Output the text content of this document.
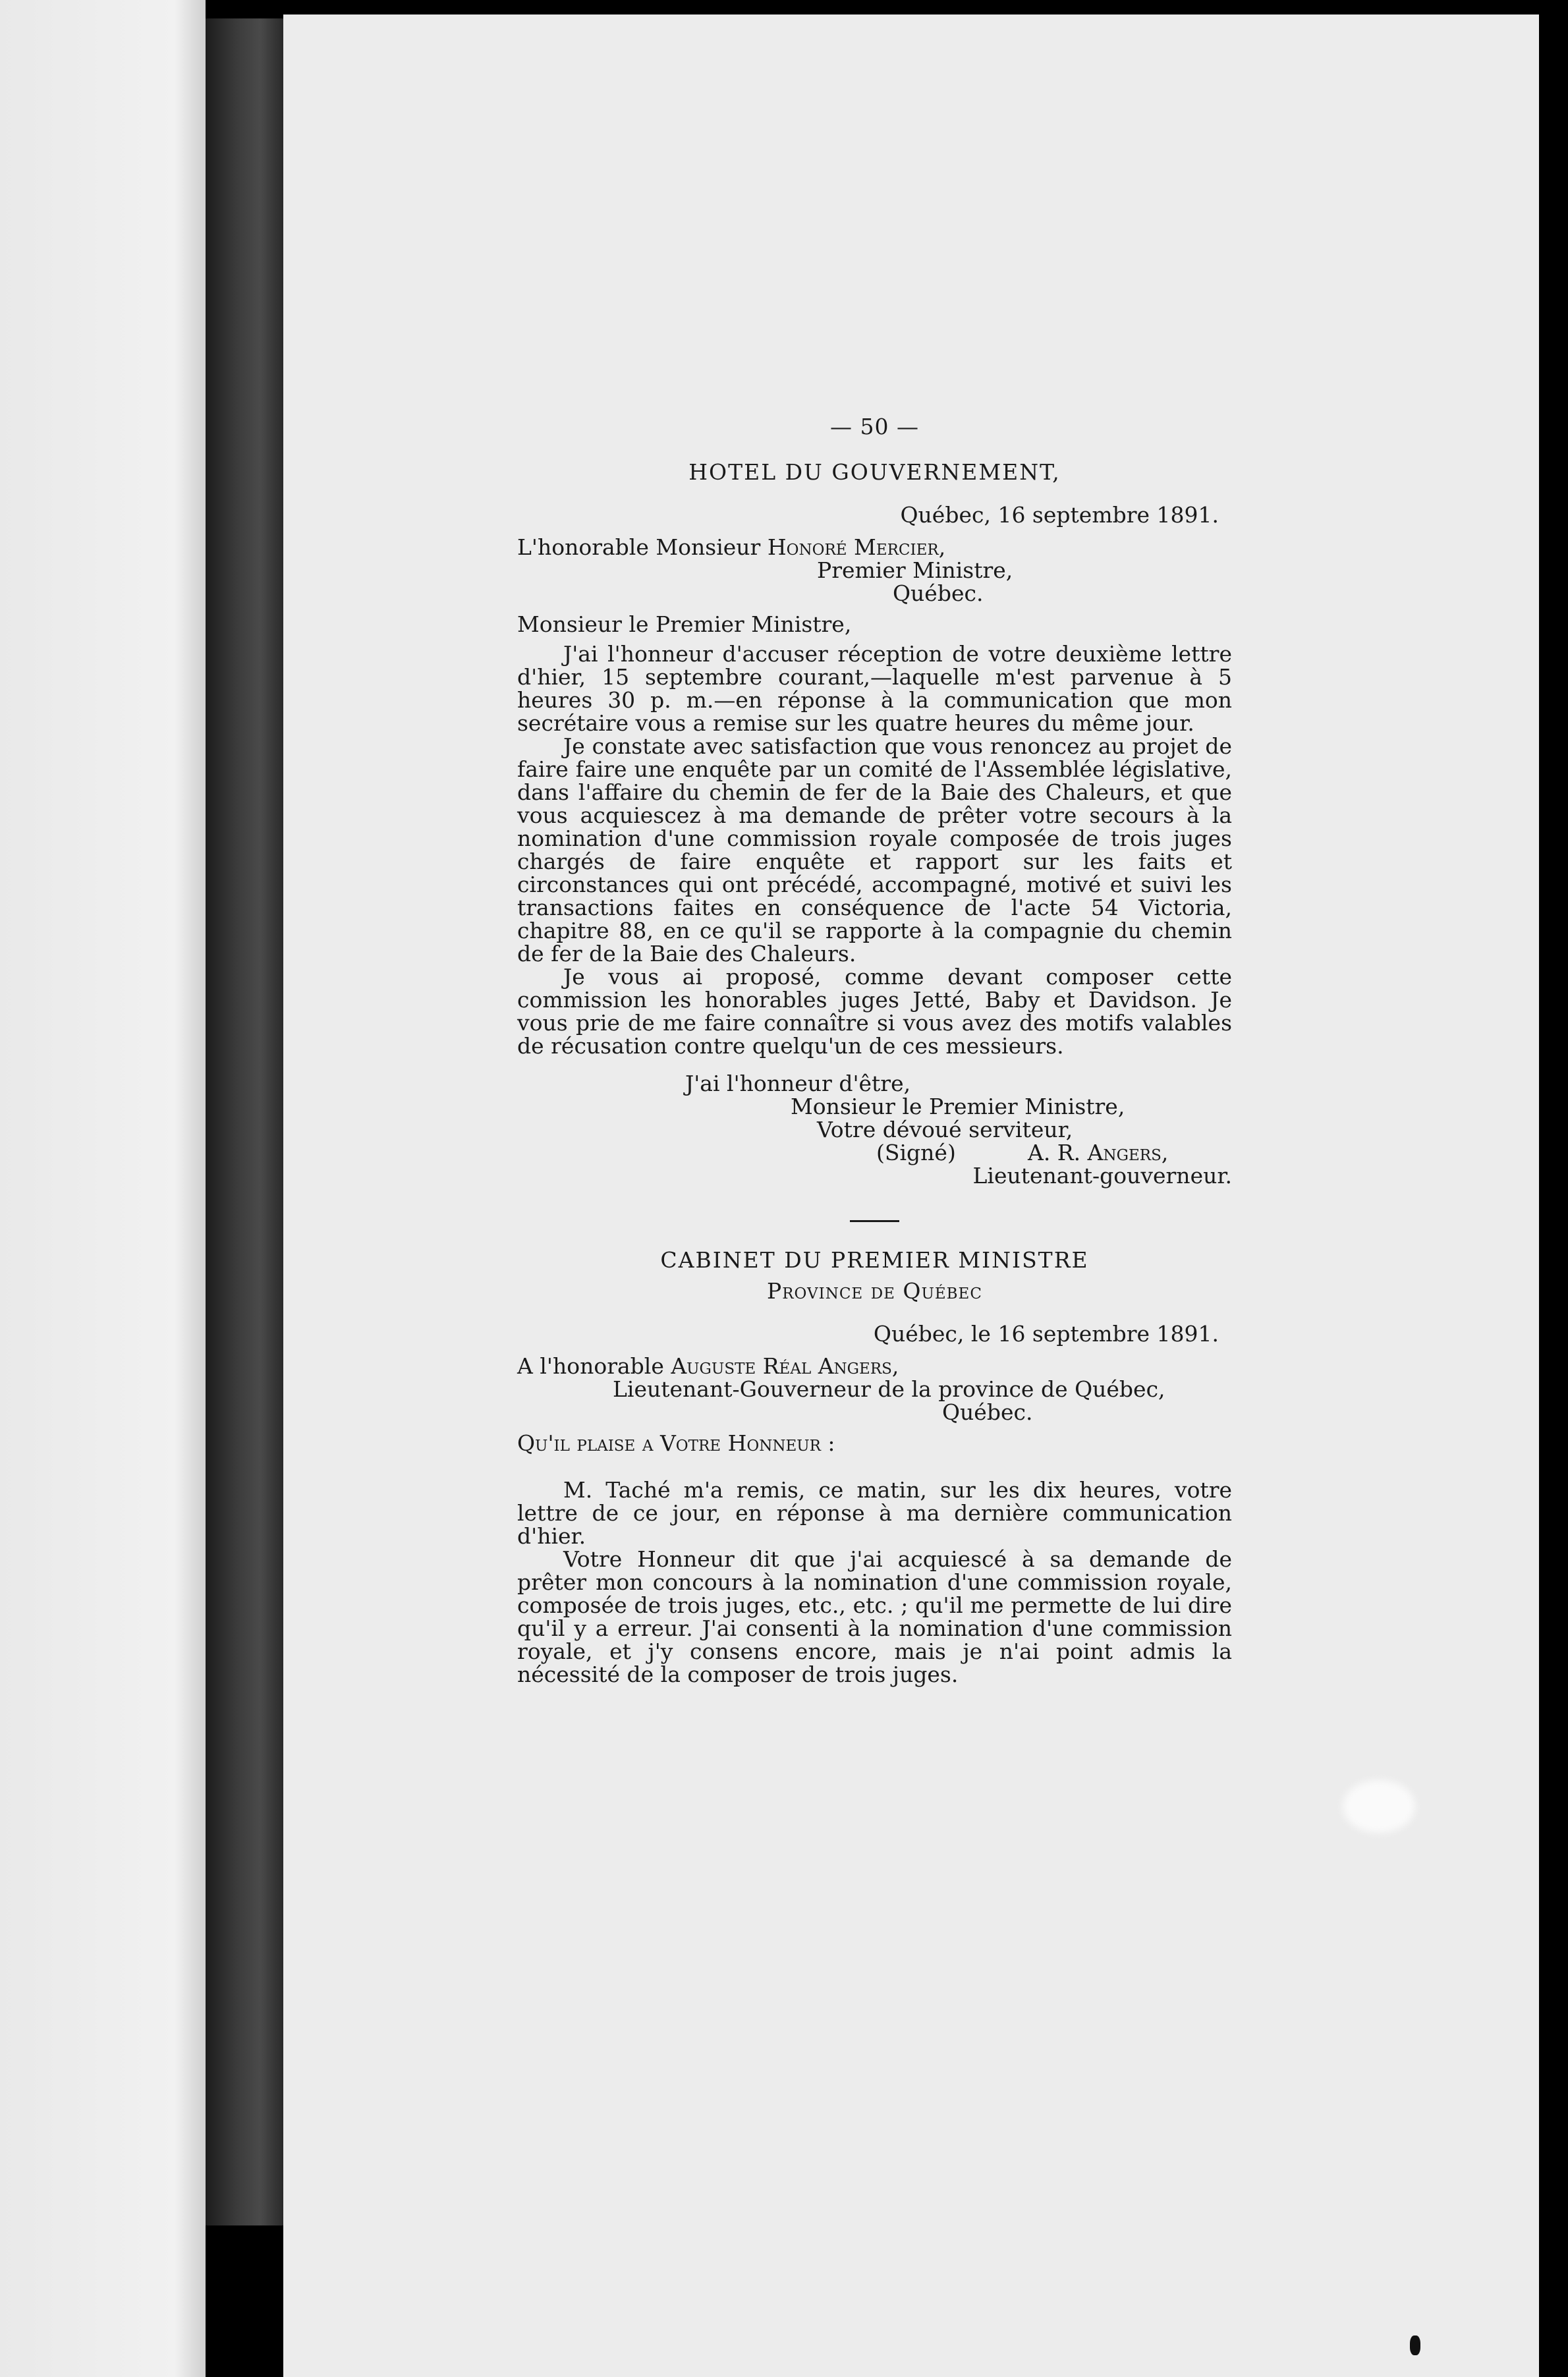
— 50 —

HOTEL DU GOUVERNEMENT,

Québec, 16 septembre 1891.

L'honorable Monsieur Honoré Mercier,

Premier Ministre,

Québec.

Monsieur le Premier Ministre,

J'ai l'honneur d'accuser réception de votre deuxième lettre d'hier, 15 septembre courant,—laquelle m'est parvenue à 5 heures 30 p. m.—en réponse à la communication que mon secrétaire vous a remise sur les quatre heures du même jour.

Je constate avec satisfaction que vous renoncez au projet de faire faire une enquête par un comité de l'Assemblée législative, dans l'affaire du chemin de fer de la Baie des Chaleurs, et que vous acquiescez à ma demande de prêter votre secours à la nomination d'une commission royale composée de trois juges chargés de faire enquête et rapport sur les faits et circonstances qui ont précédé, accompagné, motivé et suivi les transactions faites en conséquence de l'acte 54 Victoria, chapitre 88, en ce qu'il se rapporte à la compagnie du chemin de fer de la Baie des Chaleurs.

Je vous ai proposé, comme devant composer cette commission les honorables juges Jetté, Baby et Davidson. Je vous prie de me faire connaître si vous avez des motifs valables de récusation contre quelqu'un de ces messieurs.

J'ai l'honneur d'être,
Monsieur le Premier Ministre,
Votre dévoué serviteur,
(Signé)	A. R. Angers,
Lieutenant-gouverneur.

CABINET DU PREMIER MINISTRE

Province de Québec

Québec, le 16 septembre 1891.

A l'honorable Auguste Réal Angers,

Lieutenant-Gouverneur de la province de Québec,

Québec.

Qu'il plaise a Votre Honneur :

M. Taché m'a remis, ce matin, sur les dix heures, votre lettre de ce jour, en réponse à ma dernière communication d'hier.

Votre Honneur dit que j'ai acquiescé à sa demande de prêter mon concours à la nomination d'une commission royale, composée de trois juges, etc., etc. ; qu'il me permette de lui dire qu'il y a erreur. J'ai consenti à la nomination d'une commission royale, et j'y consens encore, mais je n'ai point admis la nécessité de la composer de trois juges.
